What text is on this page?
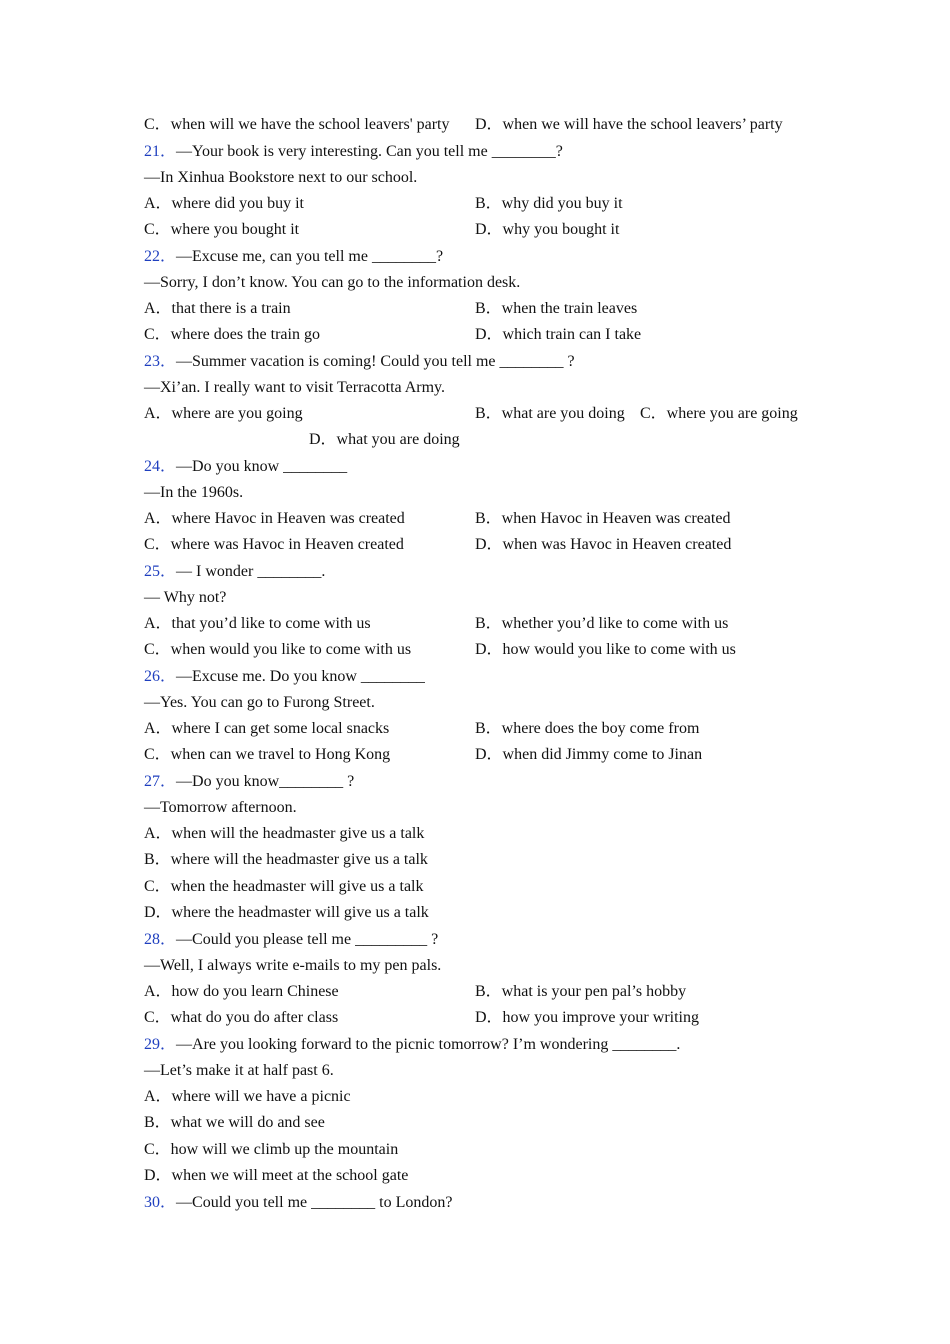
C．when will we have the school leavers' party D．when we will have the school leavers’ party
21．—Your book is very interesting. Can you tell me ________?
—In Xinhua Bookstore next to our school.
A．where did you buy it	B．why did you buy it
C．where you bought it	D．why you bought it
22．—Excuse me, can you tell me ________?
—Sorry, I don’t know. You can go to the information desk.
A．that there is a train	B．when the train leaves
C．where does the train go	D．which train can I take
23．—Summer vacation is coming! Could you tell me ________ ?
—Xi’an. I really want to visit Terracotta Army.
A．where are you going	B．what are you doing C．where you are going
D．what you are doing
24．—Do you know ________
—In the 1960s.
A．where Havoc in Heaven was created	B．when Havoc in Heaven was created
C．where was Havoc in Heaven created	D．when was Havoc in Heaven created
25．— I wonder ________.
— Why not?
A．that you’d like to come with us	B．whether you’d like to come with us
C．when would you like to come with us	D．how would you like to come with us
26．—Excuse me. Do you know ________
—Yes. You can go to Furong Street.
A．where I can get some local snacks	B．where does the boy come from
C．when can we travel to Hong Kong	D．when did Jimmy come to Jinan
27．—Do you know________ ?
—Tomorrow afternoon.
A．when will the headmaster give us a talk
B．where will the headmaster give us a talk
C．when the headmaster will give us a talk
D．where the headmaster will give us a talk
28．—Could you please tell me _________ ?
—Well, I always write e-mails to my pen pals.
A．how do you learn Chinese	B．what is your pen pal’s hobby
C．what do you do after class	D．how you improve your writing
29．—Are you looking forward to the picnic tomorrow? I’m wondering ________.
—Let’s make it at half past 6.
A．where will we have a picnic
B．what we will do and see
C．how will we climb up the mountain
D．when we will meet at the school gate
30．—Could you tell me ________ to London?
